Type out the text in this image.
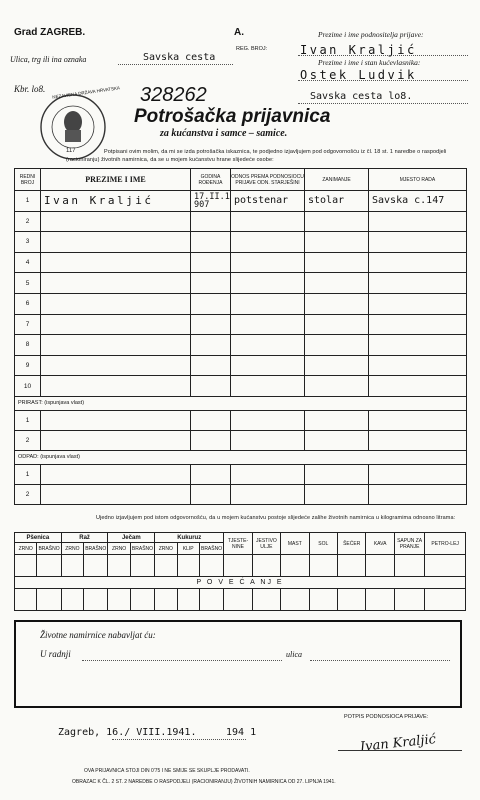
Grad ZAGREB.	A.
Ulica, trg ili ina oznaka	Savska cesta
Kbr. lo8.
REG. BROJ:
Prezime i ime podnositelja prijave:
Ivan Kraljić
Prezime i ime i stan kućevlasnika:
Ostek Ludvik
Savska cesta lo8.
117
NEZAVISNA DRŽAVA HRVATSKA 328262
Potrošačka prijavnica
za kućanstva i samce – samice.
Potpisani ovim molim, da mi se izda potrošačka iskaznica, te podjedno izjavljujem pod odgovornošću iz čl. 18 st. 1 naredbe o raspodjeli (racioniranju) životnih namirnica, da se u mojem kućanstvu hrane slijedeće osobe:
REDNI BROJ	PREZIME I IME	GODINA ROĐENJA	ODNOS PREMA PODNOSIOCU PRIJAVE ODN. STARJEŠINI	ZANIMANJE	MJESTO RADA
1	Ivan Kraljić	17.II.1907	potstenar	stolar	Savska c.147
2					
3					
4					
5					
6					
7					
8					
9					
10					
PRIRAST: (ispunjava vlast)					
1					
2					
ODPAD: (ispunjava vlast)					
1					
2					
Ujedno izjavljujem pod istom odgovornošću, da u mojem kućanstvu postoje slijedeće zalihe životnih namirnica u kilogramima odnosno litrama:
Pšenica		Raž		Ječam		Kukuruz			TJESTE-NINE	JESTIVO ULJE	MAST	SOL	ŠEĆER	KAVA	SAPUN ZA PRANJE	PETRO-LEJ
ZRNO	BRAŠNO	ZRNO	BRAŠNO	ZRNO	BRAŠNO	ZRNO	KLIP	BRAŠNO								

P O V E Ć A NJ E																

Životne namirnice nabavljat ću:
U radnji	ulica
Zagreb, 16./ VIII.1941.	194 1
POTPIS PODNOSIOCA PRIJAVE:
Ivan Kraljić
OVA PRIJAVNICA STOJI DIN 0'75 I NE SMIJE SE SKUPLJE PRODAVATI.
OBRAZAC K ČL. 2 ST. 2 NAREDBE O RASPODJELI (RACIONIRANJU) ŽIVOTNIH NAMIRNICA OD 27. LIPNJA 1941.
